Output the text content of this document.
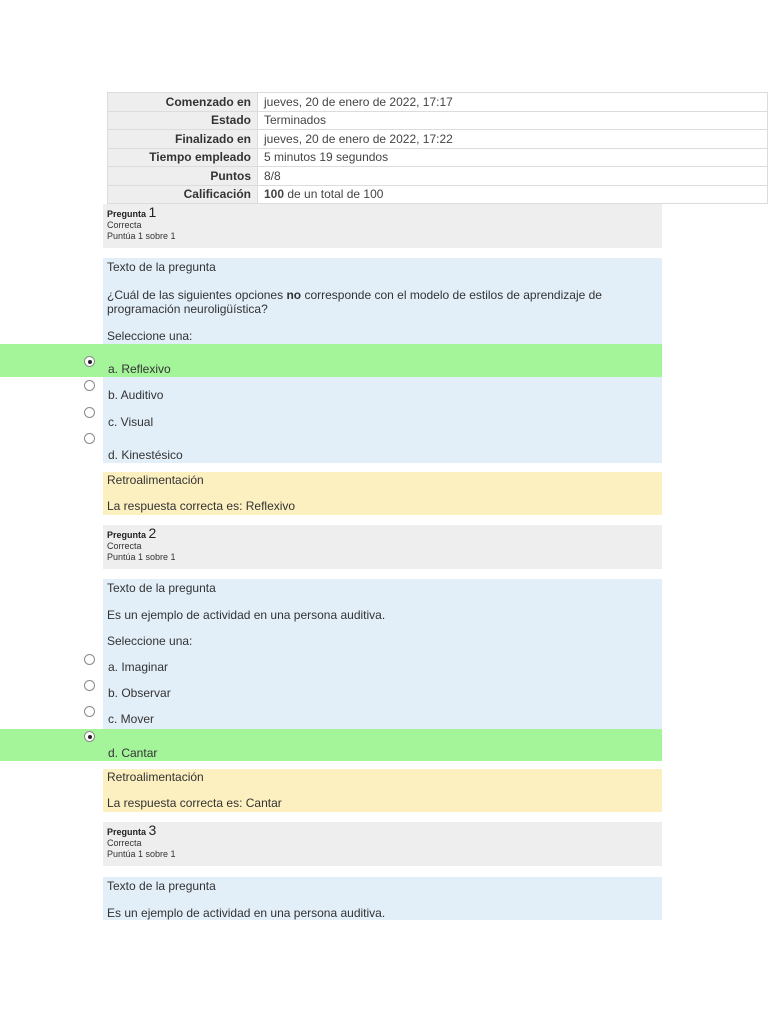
Comenzado en	jueves, 20 de enero de 2022, 17:17
Estado	Terminados
Finalizado en	jueves, 20 de enero de 2022, 17:22
Tiempo empleado	5 minutos 19 segundos
Puntos	8/8
Calificación	100 de un total de 100
Pregunta 1
Correcta
Puntúa 1 sobre 1
Texto de la pregunta
¿Cuál de las siguientes opciones no corresponde con el modelo de estilos de aprendizaje de programación neuroligüística?
Seleccione una:
a. Reflexivo
b. Auditivo
c. Visual
d. Kinestésico
Retroalimentación
La respuesta correcta es: Reflexivo
Pregunta 2
Correcta
Puntúa 1 sobre 1
Texto de la pregunta
Es un ejemplo de actividad en una persona auditiva.
Seleccione una:
a. Imaginar
b. Observar
c. Mover
d. Cantar
Retroalimentación
La respuesta correcta es: Cantar
Pregunta 3
Correcta
Puntúa 1 sobre 1
Texto de la pregunta
Es un ejemplo de actividad en una persona auditiva.
